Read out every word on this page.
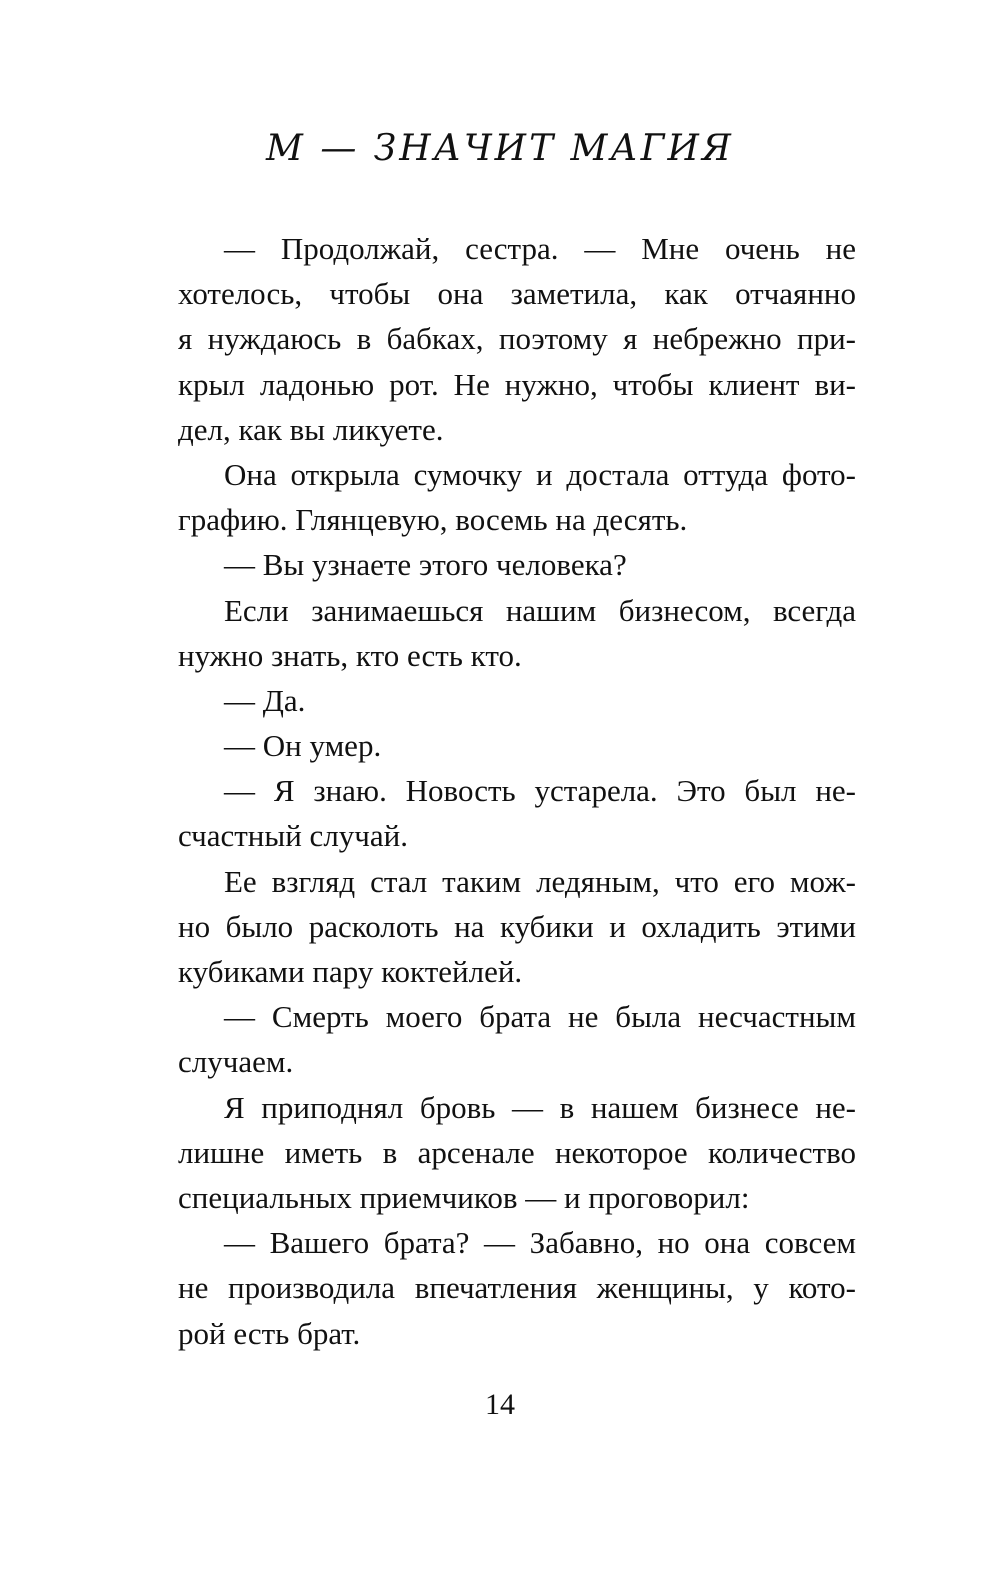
М — ЗНАЧИТ МАГИЯ
— Продолжай, сестра. — Мне очень не
хотелось, чтобы она заметила, как отчаянно
я нуждаюсь в бабках, поэтому я небрежно при-
крыл ладонью рот. Не нужно, чтобы клиент ви-
дел, как вы ликуете.
Она открыла сумочку и достала оттуда фото-
графию. Глянцевую, восемь на десять.
— Вы узнаете этого человека?
Если занимаешься нашим бизнесом, всегда
нужно знать, кто есть кто.
— Да.
— Он умер.
— Я знаю. Новость устарела. Это был не-
счастный случай.
Ее взгляд стал таким ледяным, что его мож-
но было расколоть на кубики и охладить этими
кубиками пару коктейлей.
— Смерть моего брата не была несчастным
случаем.
Я приподнял бровь — в нашем бизнесе не-
лишне иметь в арсенале некоторое количество
специальных приемчиков — и проговорил:
— Вашего брата? — Забавно, но она совсем
не производила впечатления женщины, у кото-
рой есть брат.
14
